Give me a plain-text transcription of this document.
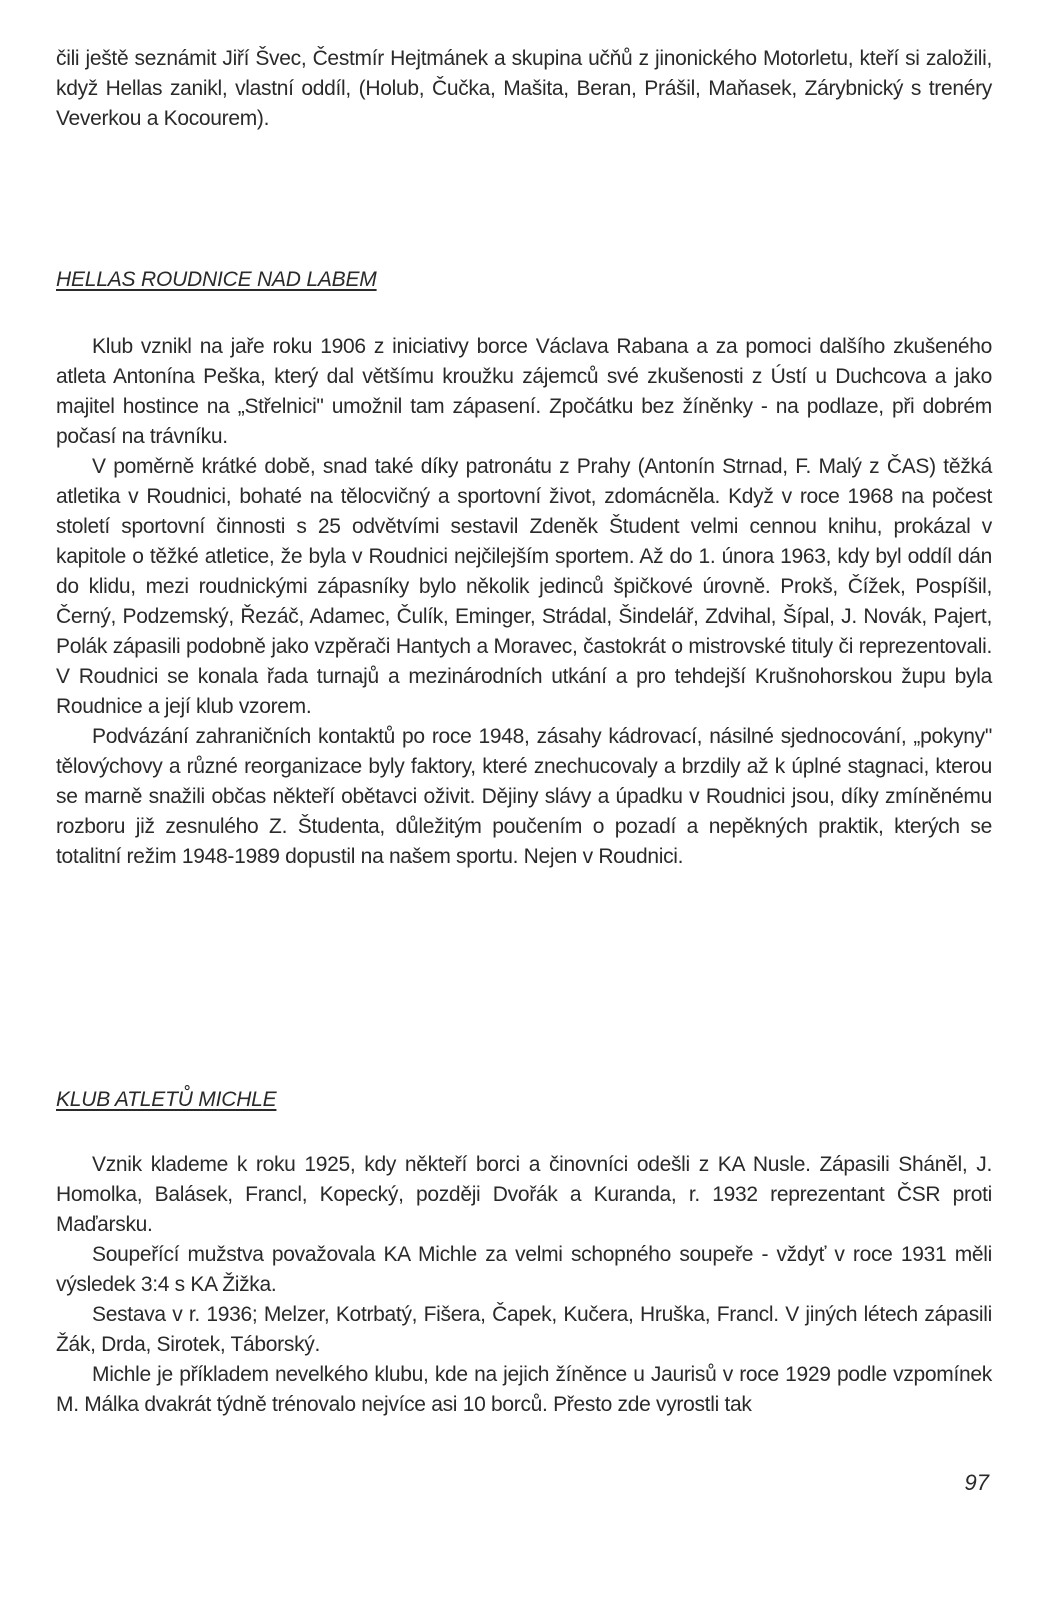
čili ještě seznámit Jiří Švec, Čestmír Hejtmánek a skupina učňů z jinonického Motorletu, kteří si založili, když Hellas zanikl, vlastní oddíl, (Holub, Čučka, Mašita, Beran, Prášil, Maňasek, Zárybnický s trenéry Veverkou a Kocourem).

HELLAS ROUDNICE NAD LABEM

Klub vznikl na jaře roku 1906 z iniciativy borce Václava Rabana a za pomoci dalšího zkušeného atleta Antonína Peška, který dal většímu kroužku zájemců své zkušenosti z Ústí u Duchcova a jako majitel hostince na „Střelnici" umožnil tam zápasení. Zpočátku bez žíněnky - na podlaze, při dobrém počasí na trávníku.

V poměrně krátké době, snad také díky patronátu z Prahy (Antonín Strnad, F. Malý z ČAS) těžká atletika v Roudnici, bohaté na tělocvičný a sportovní život, zdomácněla. Když v roce 1968 na počest století sportovní činnosti s 25 odvětvími sestavil Zdeněk Študent velmi cennou knihu, prokázal v kapitole o těžké atletice, že byla v Roudnici nejčilejším sportem. Až do 1. února 1963, kdy byl oddíl dán do klidu, mezi roudnickými zápasníky bylo několik jedinců špičkové úrovně. Prokš, Čížek, Pospíšil, Černý, Podzemský, Řezáč, Adamec, Čulík, Eminger, Strádal, Šindelář, Zdvihal, Šípal, J. Novák, Pajert, Polák zápasili podobně jako vzpěrači Hantych a Moravec, častokrát o mistrovské tituly či reprezentovali. V Roudnici se konala řada turnajů a mezinárodních utkání a pro tehdejší Krušnohorskou župu byla Roudnice a její klub vzorem.

Podvázání zahraničních kontaktů po roce 1948, zásahy kádrovací, násilné sjednocování, „pokyny" tělovýchovy a různé reorganizace byly faktory, které znechucovaly a brzdily až k úplné stagnaci, kterou se marně snažili občas někteří obětavci oživit. Dějiny slávy a úpadku v Roudnici jsou, díky zmíněnému rozboru již zesnulého Z. Študenta, důležitým poučením o pozadí a nepěkných praktik, kterých se totalitní režim 1948-1989 dopustil na našem sportu. Nejen v Roudnici.

KLUB ATLETŮ MICHLE

Vznik klademe k roku 1925, kdy někteří borci a činovníci odešli z KA Nusle. Zápasili Shánĕl, J. Homolka, Balásek, Francl, Kopecký, později Dvořák a Kuranda, r. 1932 reprezentant ČSR proti Maďarsku.

Soupeřící mužstva považovala KA Michle za velmi schopného soupeře - vždyť v roce 1931 měli výsledek 3:4 s KA Žižka.

Sestava v r. 1936; Melzer, Kotrbatý, Fišera, Čapek, Kučera, Hruška, Francl. V jiných létech zápasili Žák, Drda, Sirotek, Táborský.

Michle je příkladem nevelkého klubu, kde na jejich žíněnce u Jaurisů v roce 1929 podle vzpomínek M. Málka dvakrát týdně trénovalo nejvíce asi 10 borců. Přesto zde vyrostli tak

97
